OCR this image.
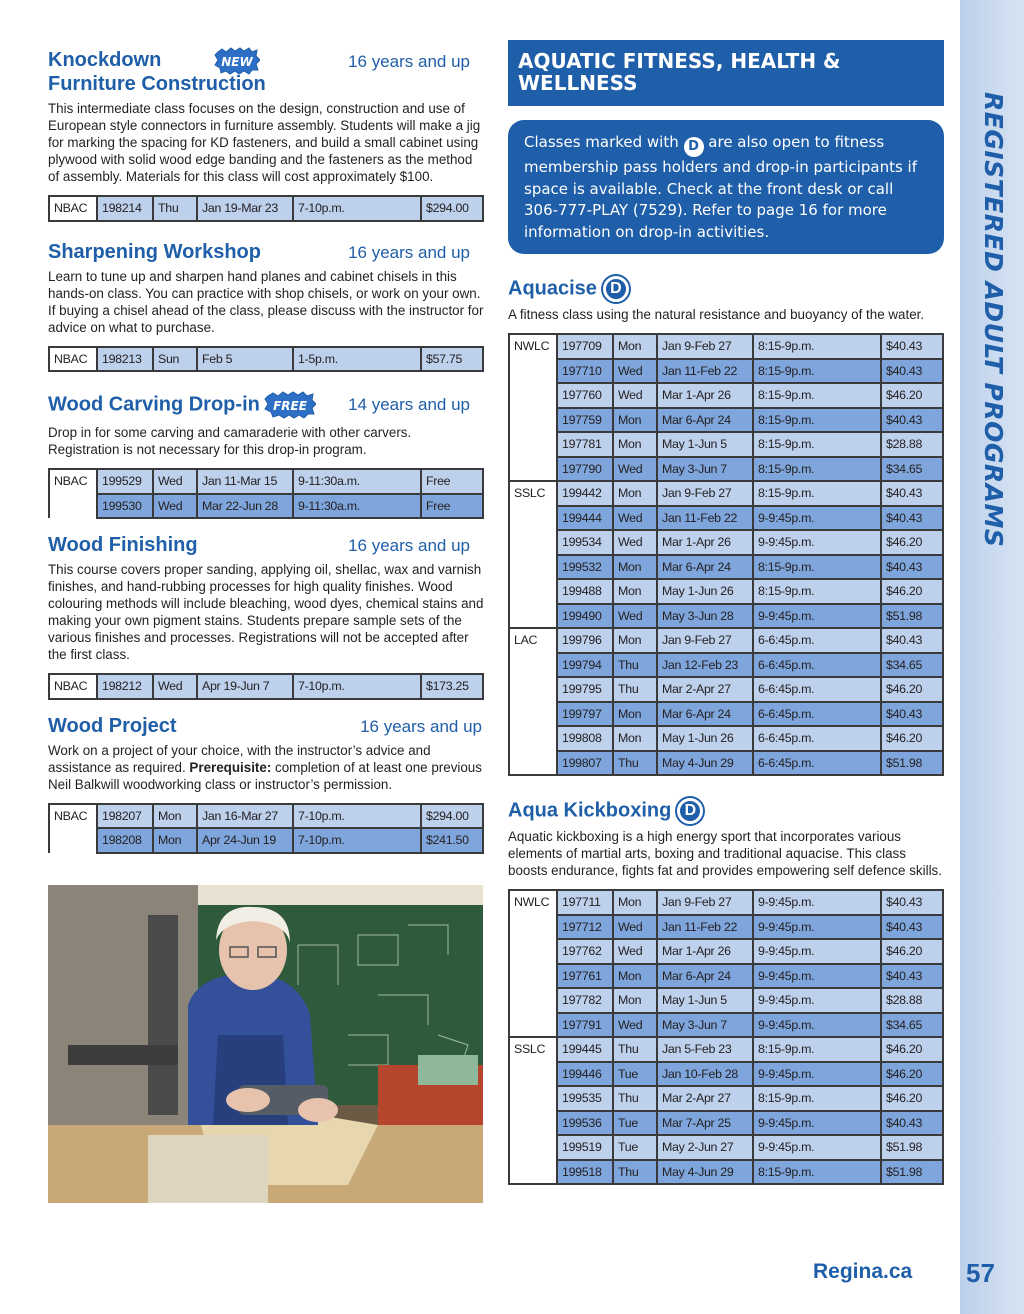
REGISTERED ADULT PROGRAMS
Knockdown
Furniture Construction
NEW	16 years and up
This intermediate class focuses on the design, construction and use of European style connectors in furniture assembly. Students will make a jig for marking the spacing for KD fasteners, and build a small cabinet using plywood with solid wood edge banding and the fasteners as the method of assembly. Materials for this class will cost approximately $100.
NBAC	198214	Thu	Jan 19-Mar 23	7-10p.m.	$294.00
Sharpening Workshop	16 years and up
Learn to tune up and sharpen hand planes and cabinet chisels in this hands-on class. You can practice with shop chisels, or work on your own. If buying a chisel ahead of the class, please discuss with the instructor for advice on what to purchase.
NBAC	198213	Sun	Feb 5	1-5p.m.	$57.75
Wood Carving Drop-in FREE 14 years and up
Drop in for some carving and camaraderie with other carvers. Registration is not necessary for this drop-in program.
NBAC	199529	Wed	Jan 11-Mar 15	9-11:30a.m.	Free
	199530	Wed	Mar 22-Jun 28	9-11:30a.m.	Free
Wood Finishing	16 years and up
This course covers proper sanding, applying oil, shellac, wax and varnish finishes, and hand-rubbing processes for high quality finishes. Wood colouring methods will include bleaching, wood dyes, chemical stains and making your own pigment stains. Students prepare sample sets of the various finishes and processes. Registrations will not be accepted after the first class.
NBAC	198212	Wed	Apr 19-Jun 7	7-10p.m.	$173.25
Wood Project	16 years and up
Work on a project of your choice, with the instructor’s advice and assistance as required. Prerequisite: completion of at least one previous Neil Balkwill woodworking class or instructor’s permission.
NBAC	198207	Mon	Jan 16-Mar 27	7-10p.m.	$294.00
	198208	Mon	Apr 24-Jun 19	7-10p.m.	$241.50
AQUATIC FITNESS, HEALTH & WELLNESS
Classes marked with D are also open to fitness membership pass holders and drop-in participants if space is available. Check at the front desk or call 306-777-PLAY (7529). Refer to page 16 for more information on drop-in activities.
Aquacise D
A fitness class using the natural resistance and buoyancy of the water.
NWLC	197709	Mon	Jan 9-Feb 27	8:15-9p.m.	$40.43
	197710	Wed	Jan 11-Feb 22	8:15-9p.m.	$40.43
	197760	Wed	Mar 1-Apr 26	8:15-9p.m.	$46.20
	197759	Mon	Mar 6-Apr 24	8:15-9p.m.	$40.43
	197781	Mon	May 1-Jun 5	8:15-9p.m.	$28.88
	197790	Wed	May 3-Jun 7	8:15-9p.m.	$34.65
SSLC	199442	Mon	Jan 9-Feb 27	8:15-9p.m.	$40.43
	199444	Wed	Jan 11-Feb 22	9-9:45p.m.	$40.43
	199534	Wed	Mar 1-Apr 26	9-9:45p.m.	$46.20
	199532	Mon	Mar 6-Apr 24	8:15-9p.m.	$40.43
	199488	Mon	May 1-Jun 26	8:15-9p.m.	$46.20
	199490	Wed	May 3-Jun 28	9-9:45p.m.	$51.98
LAC	199796	Mon	Jan 9-Feb 27	6-6:45p.m.	$40.43
	199794	Thu	Jan 12-Feb 23	6-6:45p.m.	$34.65
	199795	Thu	Mar 2-Apr 27	6-6:45p.m.	$46.20
	199797	Mon	Mar 6-Apr 24	6-6:45p.m.	$40.43
	199808	Mon	May 1-Jun 26	6-6:45p.m.	$46.20
	199807	Thu	May 4-Jun 29	6-6:45p.m.	$51.98
Aqua Kickboxing D
Aquatic kickboxing is a high energy sport that incorporates various elements of martial arts, boxing and traditional aquacise. This class boosts endurance, fights fat and provides empowering self defence skills.
NWLC	197711	Mon	Jan 9-Feb 27	9-9:45p.m.	$40.43
	197712	Wed	Jan 11-Feb 22	9-9:45p.m.	$40.43
	197762	Wed	Mar 1-Apr 26	9-9:45p.m.	$46.20
	197761	Mon	Mar 6-Apr 24	9-9:45p.m.	$40.43
	197782	Mon	May 1-Jun 5	9-9:45p.m.	$28.88
	197791	Wed	May 3-Jun 7	9-9:45p.m.	$34.65
SSLC	199445	Thu	Jan 5-Feb 23	8:15-9p.m.	$46.20
	199446	Tue	Jan 10-Feb 28	9-9:45p.m.	$46.20
	199535	Thu	Mar 2-Apr 27	8:15-9p.m.	$46.20
	199536	Tue	Mar 7-Apr 25	9-9:45p.m.	$40.43
	199519	Tue	May 2-Jun 27	9-9:45p.m.	$51.98
	199518	Thu	May 4-Jun 29	8:15-9p.m.	$51.98
Regina.ca 57
